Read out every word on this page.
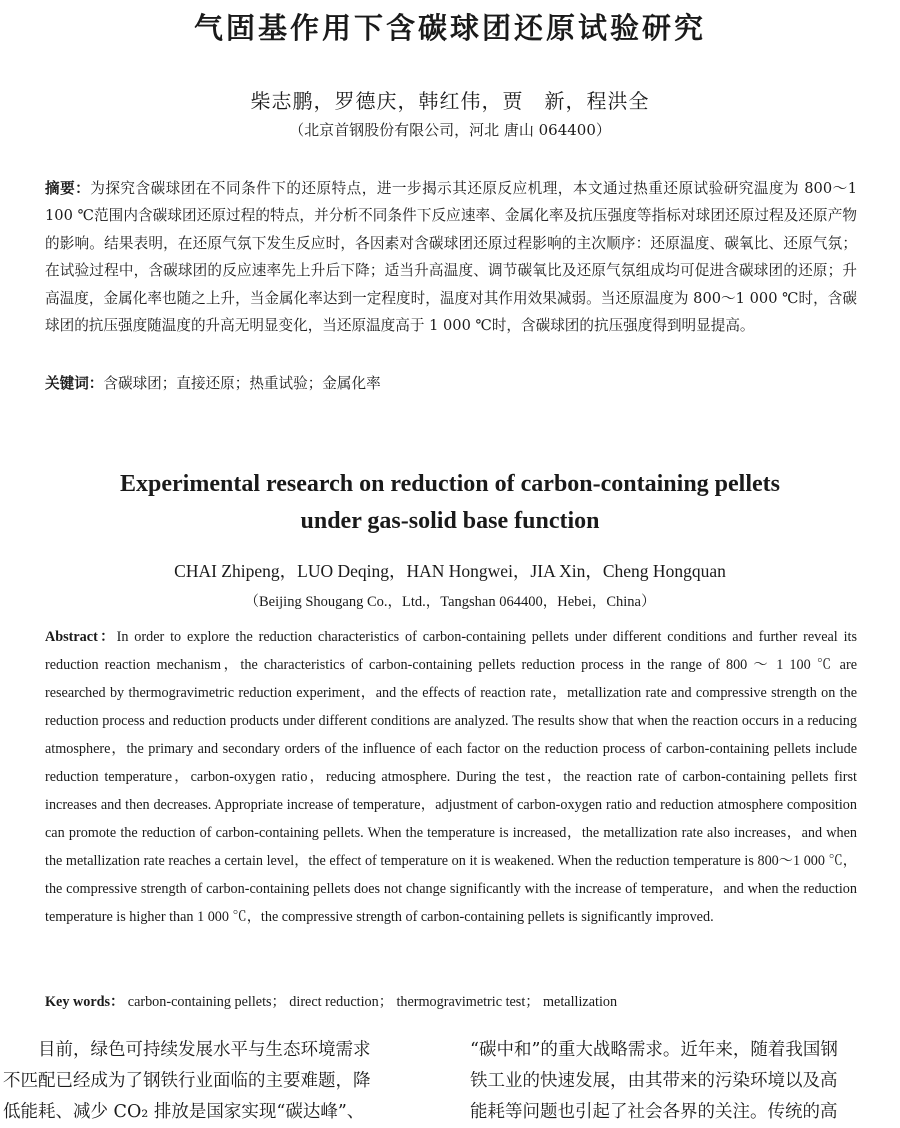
气固基作用下含碳球团还原试验研究
柴志鹏，罗德庆，韩红伟，贾　新，程洪全
（北京首钢股份有限公司，河北 唐山 064400）
摘要：为探究含碳球团在不同条件下的还原特点，进一步揭示其还原反应机理，本文通过热重还原试验研究温度为 800～1 100 ℃范围内含碳球团还原过程的特点，并分析不同条件下反应速率、金属化率及抗压强度等指标对球团还原过程及还原产物的影响。结果表明，在还原气氛下发生反应时，各因素对含碳球团还原过程影响的主次顺序：还原温度、碳氧比、还原气氛；在试验过程中，含碳球团的反应速率先上升后下降；适当升高温度、调节碳氧比及还原气氛组成均可促进含碳球团的还原；升高温度，金属化率也随之上升，当金属化率达到一定程度时，温度对其作用效果减弱。当还原温度为 800～1 000 ℃时，含碳球团的抗压强度随温度的升高无明显变化，当还原温度高于 1 000 ℃时，含碳球团的抗压强度得到明显提高。
关键词：含碳球团；直接还原；热重试验；金属化率
Experimental research on reduction of carbon-containing pellets
under gas-solid base function
CHAI Zhipeng，LUO Deqing，HAN Hongwei，JIA Xin，Cheng Hongquan
（Beijing Shougang Co.，Ltd.，Tangshan 064400，Hebei，China）
Abstract：In order to explore the reduction characteristics of carbon-containing pellets under different conditions and further reveal its reduction reaction mechanism，the characteristics of carbon-containing pellets reduction process in the range of 800 ～ 1 100 ℃ are researched by thermogravimetric reduction experiment，and the effects of reaction rate，metallization rate and compressive strength on the reduction process and reduction products under different conditions are analyzed. The results show that when the reaction occurs in a reducing atmosphere，the primary and secondary orders of the influence of each factor on the reduction process of carbon-containing pellets include reduction temperature，carbon-oxygen ratio，reducing atmosphere. During the test，the reaction rate of carbon-containing pellets first increases and then decreases. Appropriate increase of temperature，adjustment of carbon-oxygen ratio and reduction atmosphere composition can promote the reduction of carbon-containing pellets. When the temperature is increased，the metallization rate also increases，and when the metallization rate reaches a certain level，the effect of temperature on it is weakened. When the reduction temperature is 800～1 000 ℃，the compressive strength of carbon-containing pellets does not change significantly with the increase of temperature，and when the reduction temperature is higher than 1 000 ℃，the compressive strength of carbon-containing pellets is significantly improved.
Key words： carbon-containing pellets； direct reduction； thermogravimetric test； metallization
　　目前，绿色可持续发展水平与生态环境需求
不匹配已经成为了钢铁行业面临的主要难题，降
低能耗、减少 CO₂ 排放是国家实现“碳达峰”、
“碳中和”的重大战略需求。近年来，随着我国钢
铁工业的快速发展，由其带来的污染环境以及高
能耗等问题也引起了社会各界的关注。传统的高
